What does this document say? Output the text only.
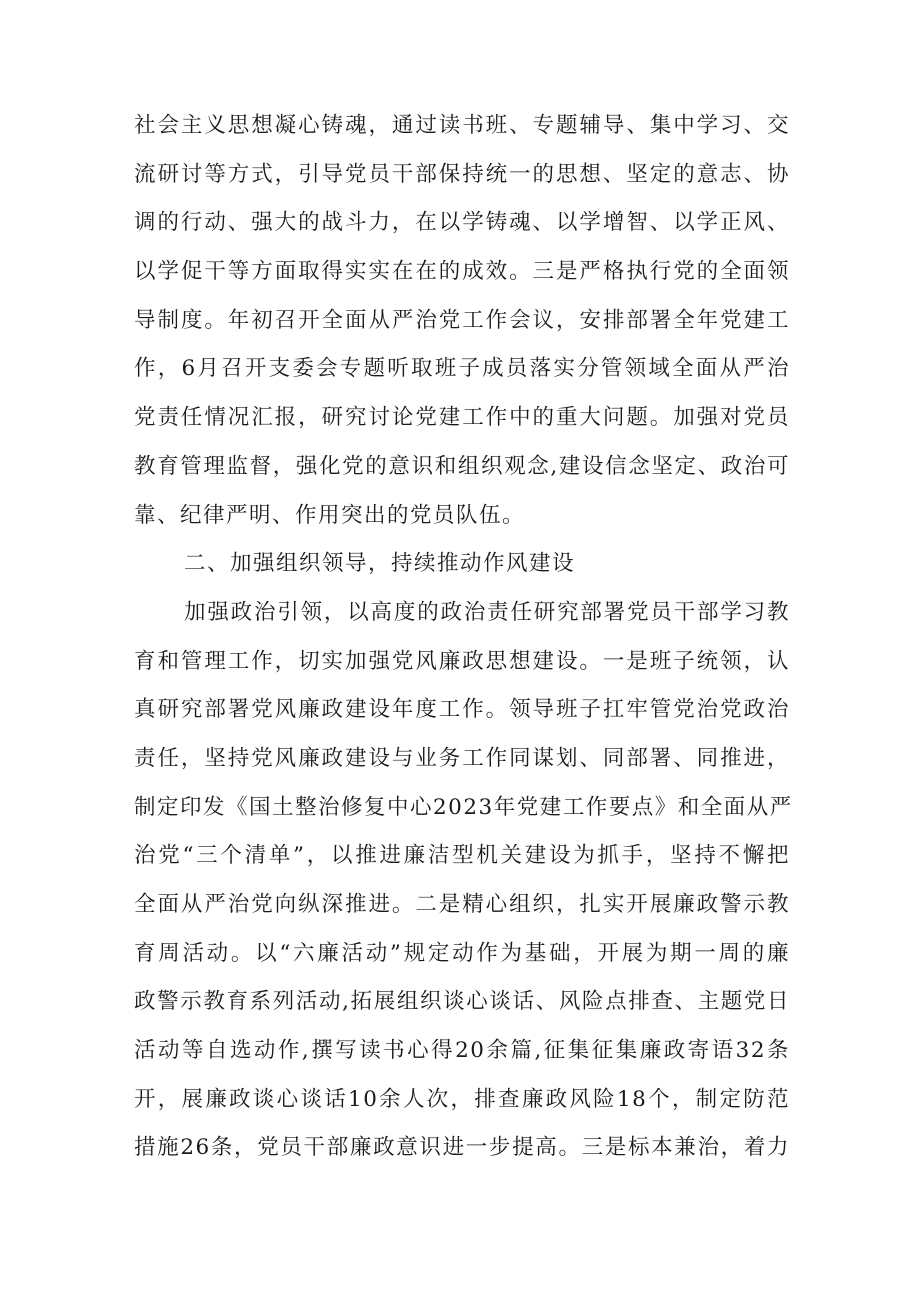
社会主义思想凝心铸魂，通过读书班、专题辅导、集中学习、交
流研讨等方式，引导党员干部保持统一的思想、坚定的意志、协
调的行动、强大的战斗力，在以学铸魂、以学增智、以学正风、
以学促干等方面取得实实在在的成效。三是严格执行党的全面领
导制度。年初召开全面从严治党工作会议，安排部署全年党建工
作，6月召开支委会专题听取班子成员落实分管领域全面从严治
党责任情况汇报，研究讨论党建工作中的重大问题。加强对党员
教育管理监督，强化党的意识和组织观念,建设信念坚定、政治可
靠、纪律严明、作用突出的党员队伍。
二、加强组织领导，持续推动作风建设
加强政治引领，以高度的政治责任研究部署党员干部学习教
育和管理工作，切实加强党风廉政思想建设。一是班子统领，认
真研究部署党风廉政建设年度工作。领导班子扛牢管党治党政治
责任，坚持党风廉政建设与业务工作同谋划、同部署、同推进，
制定印发《国土整治修复中心2023年党建工作要点》和全面从严
治党“三个清单”，以推进廉洁型机关建设为抓手，坚持不懈把
全面从严治党向纵深推进。二是精心组织，扎实开展廉政警示教
育周活动。以“六廉活动”规定动作为基础，开展为期一周的廉
政警示教育系列活动,拓展组织谈心谈话、风险点排查、主题党日
活动等自选动作,撰写读书心得20余篇,征集征集廉政寄语32条
开，展廉政谈心谈话10余人次，排查廉政风险18个，制定防范
措施26条，党员干部廉政意识进一步提高。三是标本兼治，着力
